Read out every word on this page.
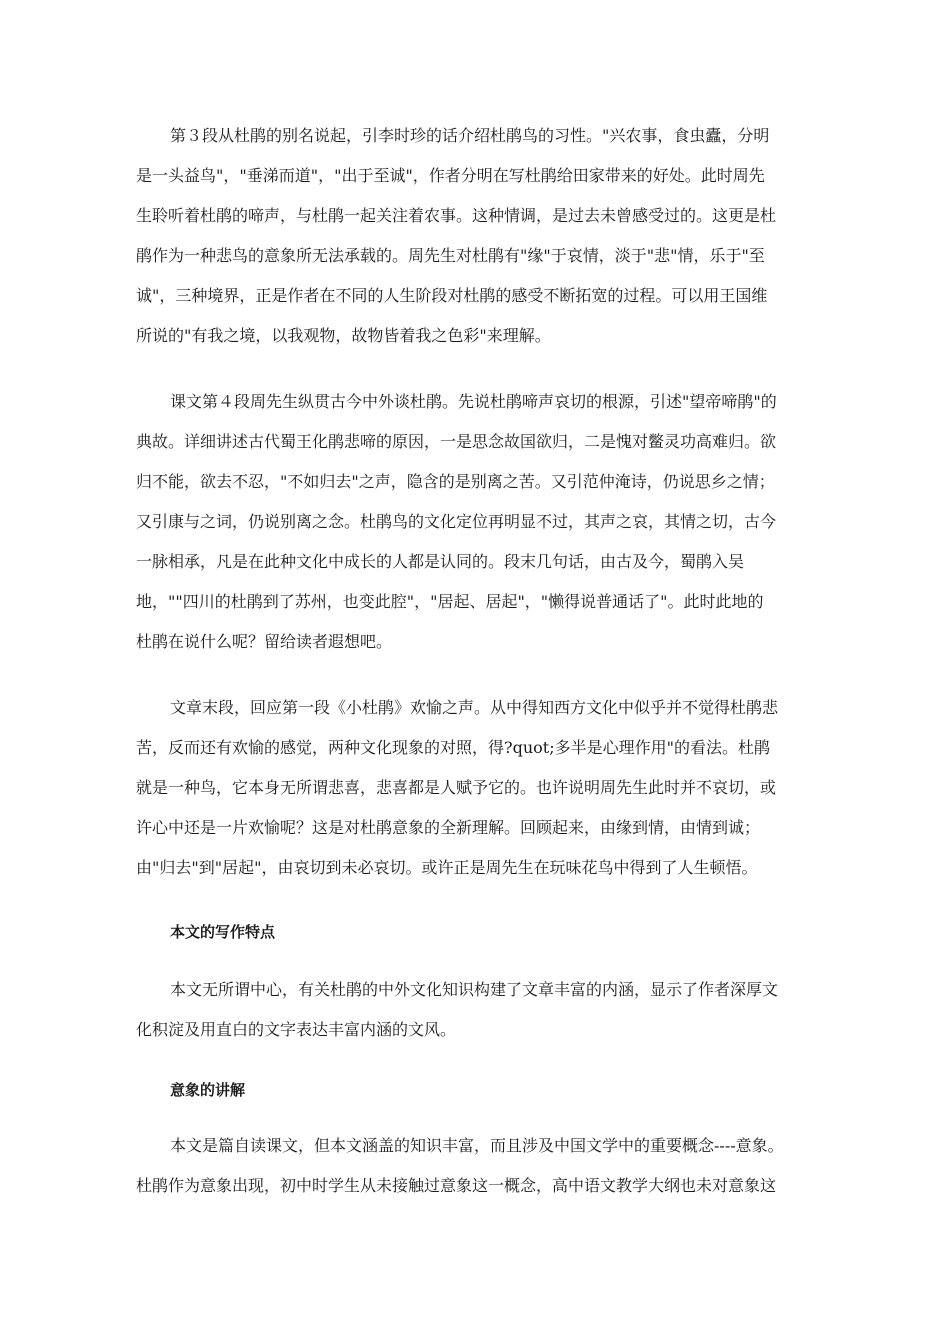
第３段从杜鹃的别名说起，引李时珍的话介绍杜鹃鸟的习性。"兴农事，食虫蠹，分明
是一头益鸟"，"垂涕而道"，"出于至诚"，作者分明在写杜鹃给田家带来的好处。此时周先
生聆听着杜鹃的啼声，与杜鹃一起关注着农事。这种情调，是过去未曾感受过的。这更是杜
鹃作为一种悲鸟的意象所无法承载的。周先生对杜鹃有"缘"于哀情，淡于"悲"情，乐于"至
诚"，三种境界，正是作者在不同的人生阶段对杜鹃的感受不断拓宽的过程。可以用王国维
所说的"有我之境，以我观物，故物皆着我之色彩"来理解。
课文第４段周先生纵贯古今中外谈杜鹃。先说杜鹃啼声哀切的根源，引述"望帝啼鹃"的
典故。详细讲述古代蜀王化鹃悲啼的原因，一是思念故国欲归，二是愧对鳖灵功高难归。欲
归不能，欲去不忍，"不如归去"之声，隐含的是别离之苦。又引范仲淹诗，仍说思乡之情；
又引康与之词，仍说别离之念。杜鹃鸟的文化定位再明显不过，其声之哀，其情之切，古今
一脉相承，凡是在此种文化中成长的人都是认同的。段末几句话，由古及今，蜀鹃入吴
地，""四川的杜鹃到了苏州，也变此腔"，"居起、居起"，"懒得说普通话了"。此时此地的
杜鹃在说什么呢？留给读者遐想吧。
文章末段，回应第一段《小杜鹃》欢愉之声。从中得知西方文化中似乎并不觉得杜鹃悲
苦，反而还有欢愉的感觉，两种文化现象的对照，得?quot;多半是心理作用"的看法。杜鹃
就是一种鸟，它本身无所谓悲喜，悲喜都是人赋予它的。也许说明周先生此时并不哀切，或
许心中还是一片欢愉呢？这是对杜鹃意象的全新理解。回顾起来，由缘到情，由情到诚；
由"归去"到"居起"，由哀切到未必哀切。或许正是周先生在玩味花鸟中得到了人生顿悟。
本文的写作特点
本文无所谓中心，有关杜鹃的中外文化知识构建了文章丰富的内涵，显示了作者深厚文
化积淀及用直白的文字表达丰富内涵的文风。
意象的讲解
本文是篇自读课文，但本文涵盖的知识丰富，而且涉及中国文学中的重要概念----意象。
杜鹃作为意象出现，初中时学生从未接触过意象这一概念，高中语文教学大纲也未对意象这
